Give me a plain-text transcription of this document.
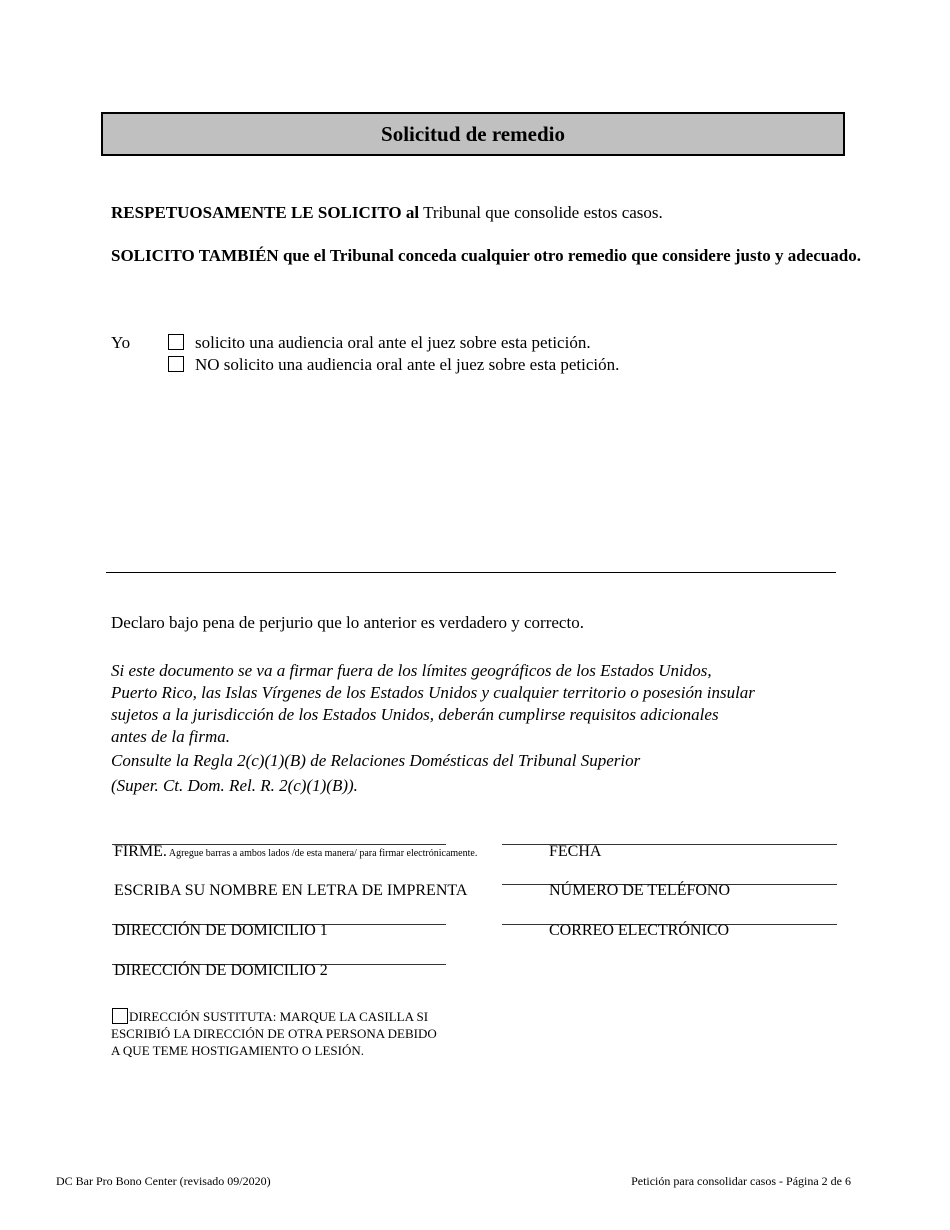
Solicitud de remedio
RESPETUOSAMENTE LE SOLICITO al Tribunal que consolide estos casos.
SOLICITO TAMBIÉN que el Tribunal conceda cualquier otro remedio que considere justo y adecuado.
Yo	solicito una audiencia oral ante el juez sobre esta petición.
NO solicito una audiencia oral ante el juez sobre esta petición.
Declaro bajo pena de perjurio que lo anterior es verdadero y correcto.
Si este documento se va a firmar fuera de los límites geográficos de los Estados Unidos,
Puerto Rico, las Islas Vírgenes de los Estados Unidos y cualquier territorio o posesión insular
sujetos a la jurisdicción de los Estados Unidos, deberán cumplirse requisitos adicionales
antes de la firma.
Consulte la Regla 2(c)(1)(B) de Relaciones Domésticas del Tribunal Superior
(Super. Ct. Dom. Rel. R. 2(c)(1)(B)).
FIRME. Agregue barras a ambos lados /de esta manera/ para firmar electrónicamente.	FECHA
ESCRIBA SU NOMBRE EN LETRA DE IMPRENTA	NÚMERO DE TELÉFONO
DIRECCIÓN DE DOMICILIO 1	CORREO ELECTRÓNICO
DIRECCIÓN DE DOMICILIO 2
DIRECCIÓN SUSTITUTA: MARQUE LA CASILLA SI
ESCRIBIÓ LA DIRECCIÓN DE OTRA PERSONA DEBIDO
A QUE TEME HOSTIGAMIENTO O LESIÓN.
DC Bar Pro Bono Center (revisado 09/2020)	Petición para consolidar casos - Página 2 de 6
